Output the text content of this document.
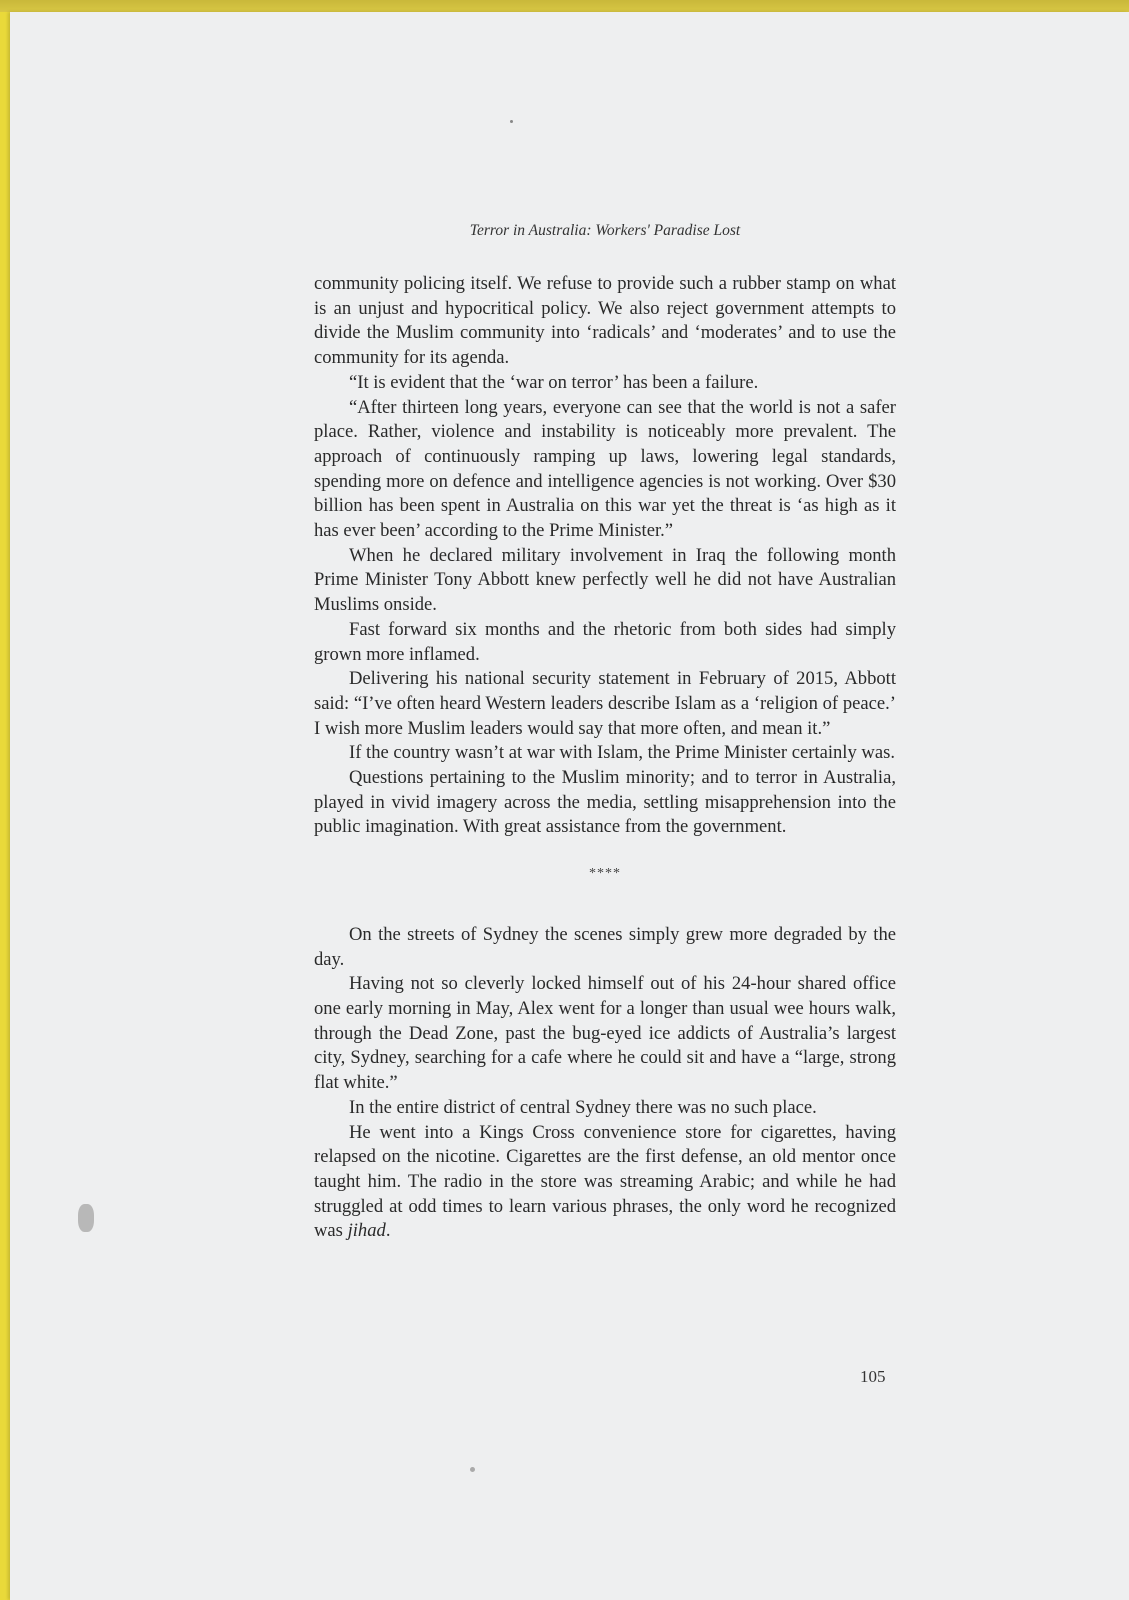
Terror in Australia: Workers' Paradise Lost

community policing itself. We refuse to provide such a rubber stamp on what is an unjust and hypocritical policy. We also reject government attempts to divide the Muslim community into ‘radicals’ and ‘moderates’ and to use the community for its agenda.

“It is evident that the ‘war on terror’ has been a failure.

“After thirteen long years, everyone can see that the world is not a safer place. Rather, violence and instability is noticeably more prevalent. The approach of continuously ramping up laws, lowering legal standards, spending more on defence and intelligence agencies is not working. Over $30 billion has been spent in Australia on this war yet the threat is ‘as high as it has ever been’ according to the Prime Minister.”

When he declared military involvement in Iraq the following month Prime Minister Tony Abbott knew perfectly well he did not have Australian Muslims onside.

Fast forward six months and the rhetoric from both sides had simply grown more inflamed.

Delivering his national security statement in February of 2015, Abbott said: “I’ve often heard Western leaders describe Islam as a ‘religion of peace.’ I wish more Muslim leaders would say that more often, and mean it.”

If the country wasn’t at war with Islam, the Prime Minister certainly was.

Questions pertaining to the Muslim minority; and to terror in Australia, played in vivid imagery across the media, settling misapprehension into the public imagination. With great assistance from the government.

****

On the streets of Sydney the scenes simply grew more degraded by the day.

Having not so cleverly locked himself out of his 24-hour shared office one early morning in May, Alex went for a longer than usual wee hours walk, through the Dead Zone, past the bug-eyed ice addicts of Australia’s largest city, Sydney, searching for a cafe where he could sit and have a “large, strong flat white.”

In the entire district of central Sydney there was no such place.

He went into a Kings Cross convenience store for cigarettes, having relapsed on the nicotine. Cigarettes are the first defense, an old mentor once taught him. The radio in the store was streaming Arabic; and while he had struggled at odd times to learn various phrases, the only word he recognized was jihad.

105
